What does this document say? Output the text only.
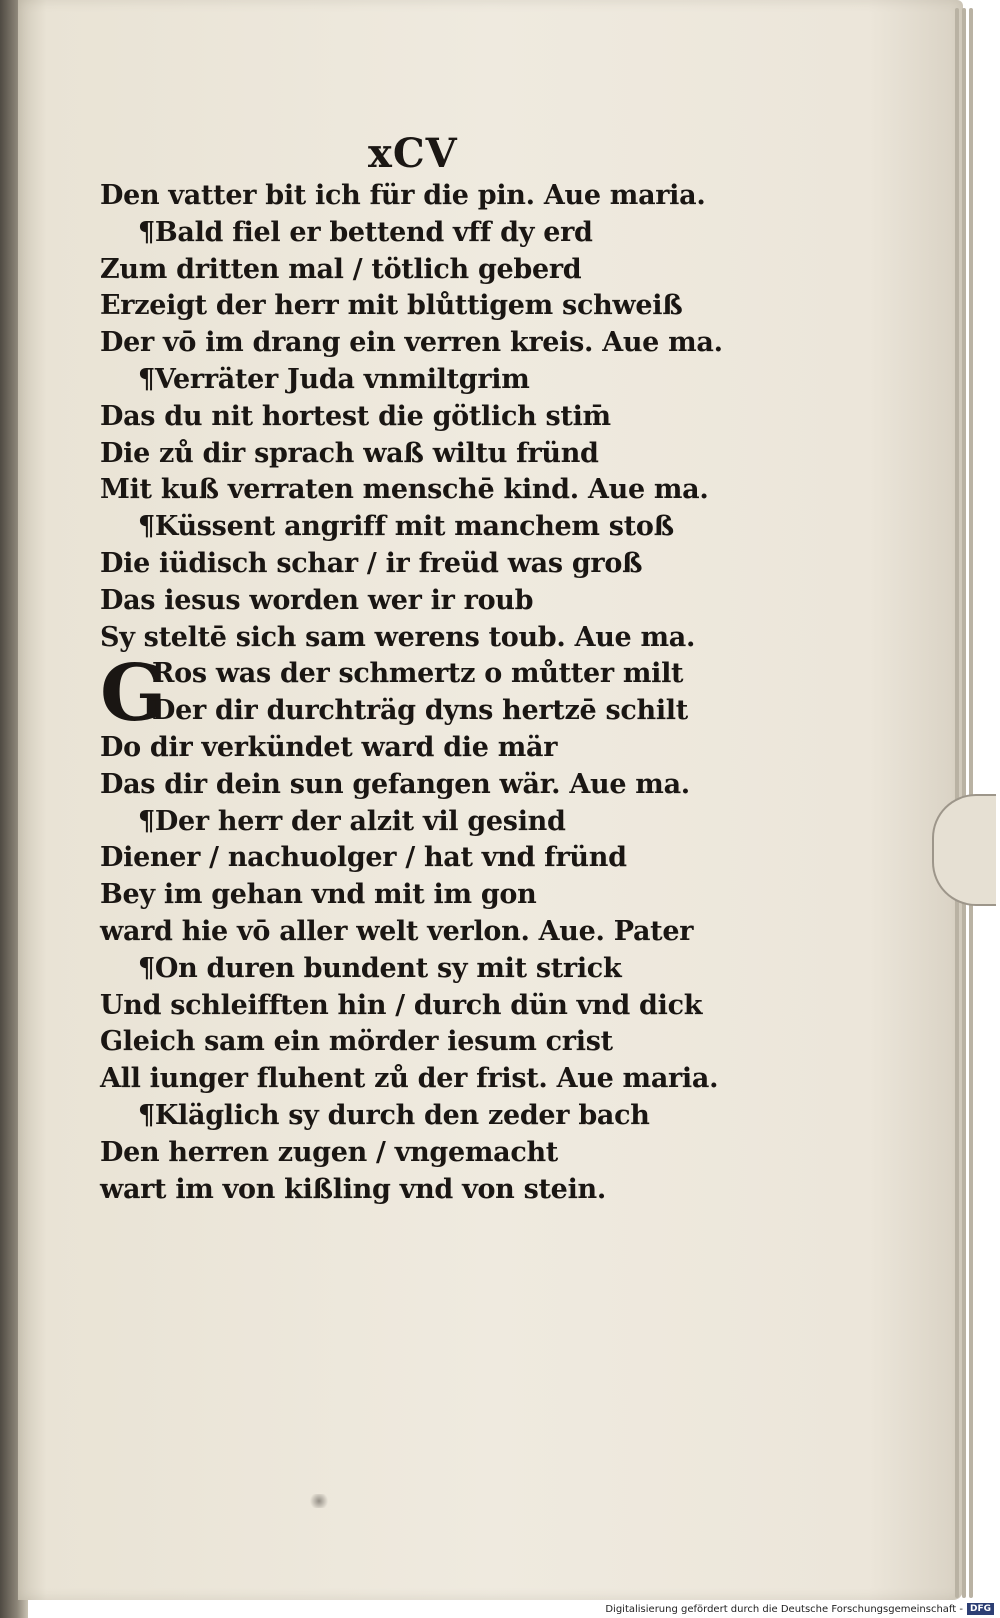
xCV
G
Den vatter bit ich für die pin. Aue maria.
¶Bald fiel er bettend vff dy erd
Zum dritten mal / tötlich geberd
Erzeigt der herr mit blůttigem schweiß
Der vō im drang ein verren kreis. Aue ma.
¶Verräter Juda vnmiltgrim
Das du nit hortest die götlich stim̄
Die zů dir sprach waß wiltu fründ
Mit kuß verraten menschē kind. Aue ma.
¶Küssent angriff mit manchem stoß
Die iüdisch schar / ir freüd was groß
Das iesus worden wer ir roub
Sy steltē sich sam werens toub. Aue ma.
Ros was der schmertz o můtter milt
Der dir durchträg dyns hertzē schilt
Do dir verkündet ward die mär
Das dir dein sun gefangen wär. Aue ma.
¶Der herr der alzit vil gesind
Diener / nachuolger / hat vnd fründ
Bey im gehan vnd mit im gon
ward hie vō aller welt verlon. Aue. Pater
¶On duren bundent sy mit strick
Und schleifften hin / durch dün vnd dick
Gleich sam ein mörder iesum crist
All iunger fluhent zů der frist. Aue maria.
¶Kläglich sy durch den zeder bach
Den herren zugen / vngemacht
wart im von kißling vnd von stein.
Digitalisierung gefördert durch die Deutsche Forschungsgemeinschaft - DFG
